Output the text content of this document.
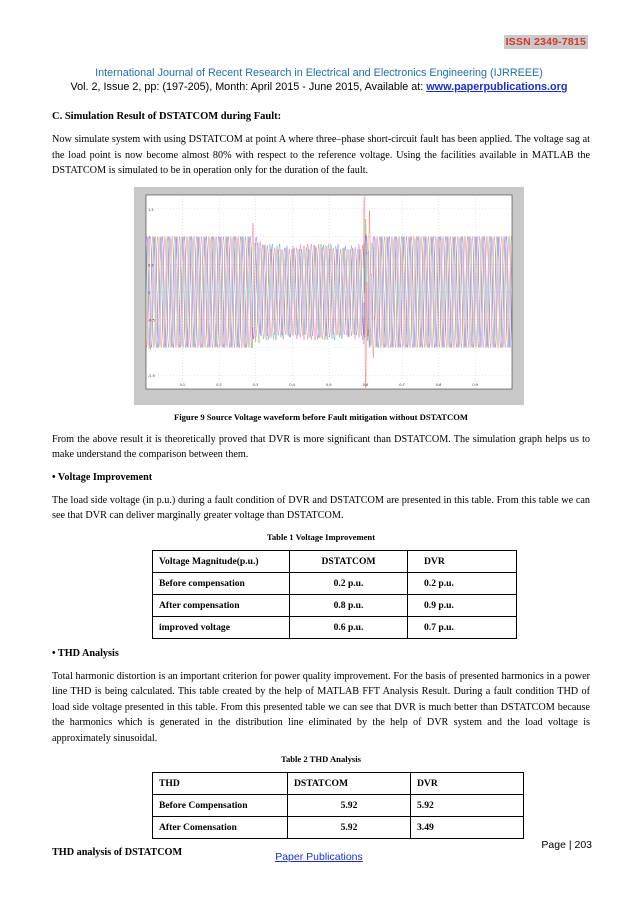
ISSN 2349-7815
International Journal of Recent Research in Electrical and Electronics Engineering (IJRREEE)
Vol. 2, Issue 2, pp: (197-205), Month: April 2015 - June 2015, Available at: www.paperpublications.org
C. Simulation Result of DSTATCOM during Fault:

Now simulate system with using DSTATCOM at point A where three–phase short-circuit fault has been applied. The voltage sag at the load point is now become almost 80% with respect to the reference voltage. Using the facilities available in MATLAB the DSTATCOM is simulated to be in operation only for the duration of the fault.

1.5
1
0.5
0
-0.5
-1
-1.5
0.1	0.2	0.3	0.4	0.5	0.6	0.7	0.8	0.9
Figure 9 Source Voltage waveform before Fault mitigation without DSTATCOM

From the above result it is theoretically proved that DVR is more significant than DSTATCOM. The simulation graph helps us to make understand the comparison between them.

• Voltage Improvement

The load side voltage (in p.u.) during a fault condition of DVR and DSTATCOM are presented in this table. From this table we can see that DVR can deliver marginally greater voltage than DSTATCOM.

Table 1 Voltage Improvement
Voltage Magnitude(p.u.)	DSTATCOM	DVR
Before compensation	0.2 p.u.	0.2 p.u.
After compensation	0.8 p.u.	0.9 p.u.
improved voltage	0.6 p.u.	0.7 p.u.
• THD Analysis

Total harmonic distortion is an important criterion for power quality improvement. For the basis of presented harmonics in a power line THD is being calculated. This table created by the help of MATLAB FFT Analysis Result. During a fault condition THD of load side voltage presented in this table. From this presented table we can see that DVR is much better than DSTATCOM because the harmonics which is generated in the distribution line eliminated by the help of DVR system and the load voltage is approximately sinusoidal.

Table 2 THD Analysis
THD	DSTATCOM	DVR
Before Compensation	5.92	5.92
After Comensation	5.92	3.49
THD analysis of DSTATCOM
Page | 203
Paper Publications
